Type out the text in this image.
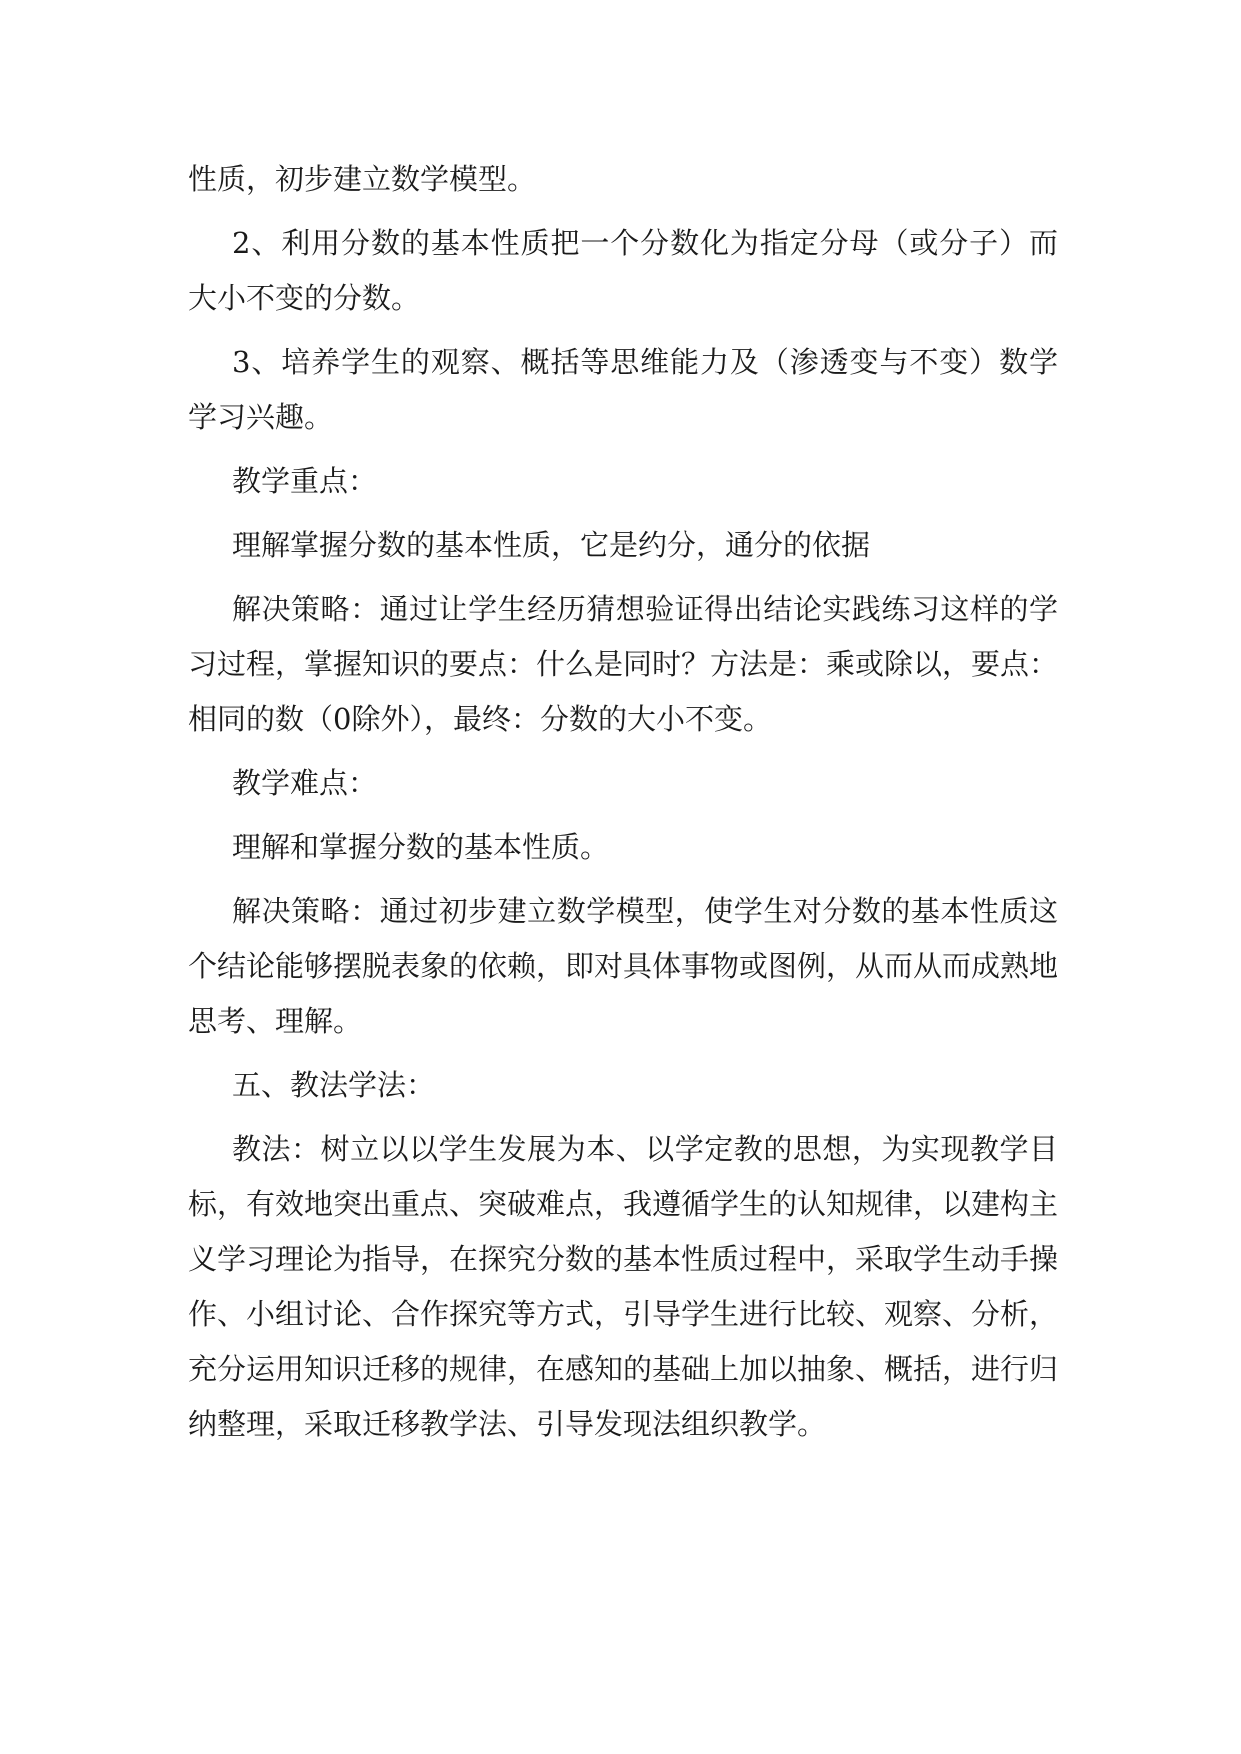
性质，初步建立数学模型。

2、利用分数的基本性质把一个分数化为指定分母（或分子）而大小不变的分数。

3、培养学生的观察、概括等思维能力及（渗透变与不变）数学学习兴趣。

教学重点：

理解掌握分数的基本性质，它是约分，通分的依据

解决策略：通过让学生经历猜想验证得出结论实践练习这样的学习过程，掌握知识的要点：什么是同时？方法是：乘或除以，要点：相同的数（0除外），最终：分数的大小不变。

教学难点：

理解和掌握分数的基本性质。

解决策略：通过初步建立数学模型，使学生对分数的基本性质这个结论能够摆脱表象的依赖，即对具体事物或图例，从而从而成熟地思考、理解。

五、教法学法：

教法：树立以以学生发展为本、以学定教的思想，为实现教学目标，有效地突出重点、突破难点，我遵循学生的认知规律，以建构主义学习理论为指导，在探究分数的基本性质过程中，采取学生动手操作、小组讨论、合作探究等方式，引导学生进行比较、观察、分析，充分运用知识迁移的规律，在感知的基础上加以抽象、概括，进行归纳整理，采取迁移教学法、引导发现法组织教学。
